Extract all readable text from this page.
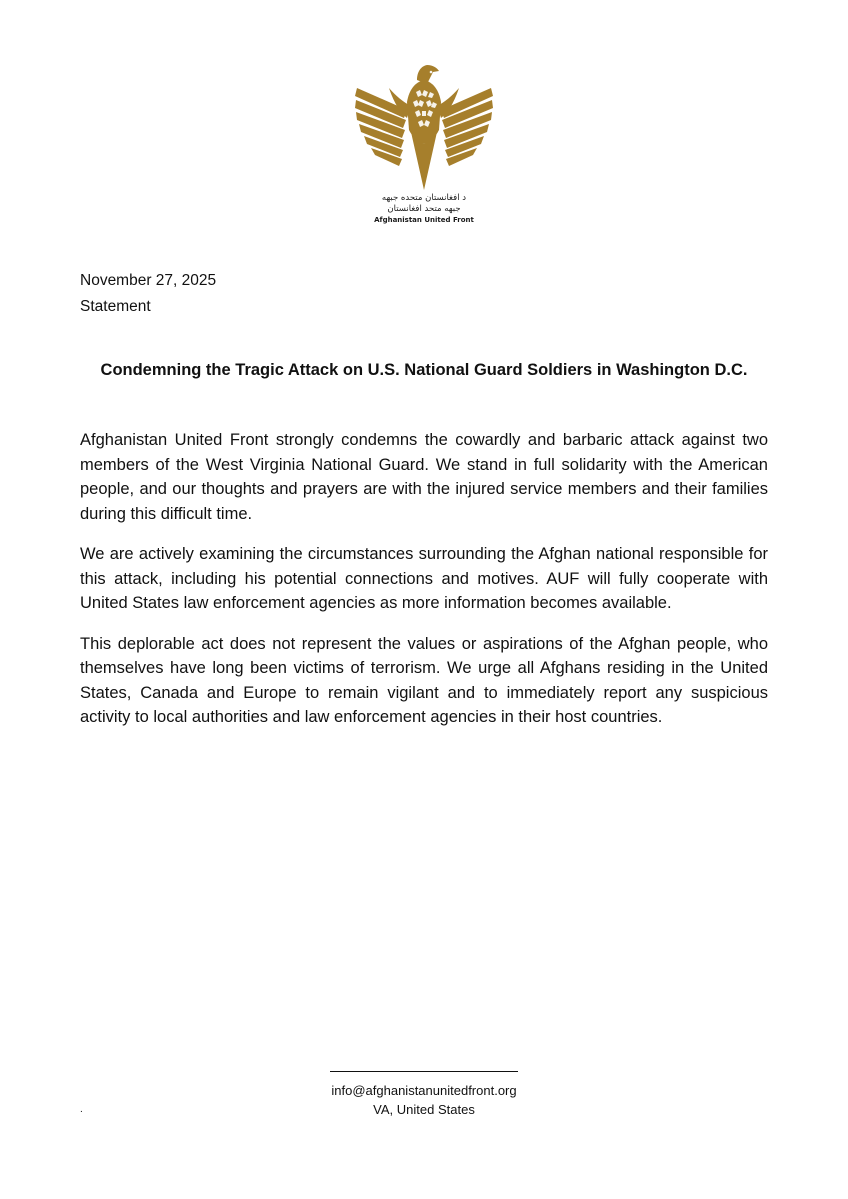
د افغانستان متحده جبهه
جبهه متحد افغانستان
Afghanistan United Front
November 27, 2025
Statement
Condemning the Tragic Attack on U.S. National Guard Soldiers in Washington D.C.

Afghanistan United Front strongly condemns the cowardly and barbaric attack against two members of the West Virginia National Guard. We stand in full solidarity with the American people, and our thoughts and prayers are with the injured service members and their families during this difficult time.

We are actively examining the circumstances surrounding the Afghan national responsible for this attack, including his potential connections and motives. AUF will fully cooperate with United States law enforcement agencies as more information becomes available.

This deplorable act does not represent the values or aspirations of the Afghan people, who themselves have long been victims of terrorism. We urge all Afghans residing in the United States, Canada and Europe to remain vigilant and to immediately report any suspicious activity to local authorities and law enforcement agencies in their host countries.

info@afghanistanunitedfront.org
VA, United States
.
